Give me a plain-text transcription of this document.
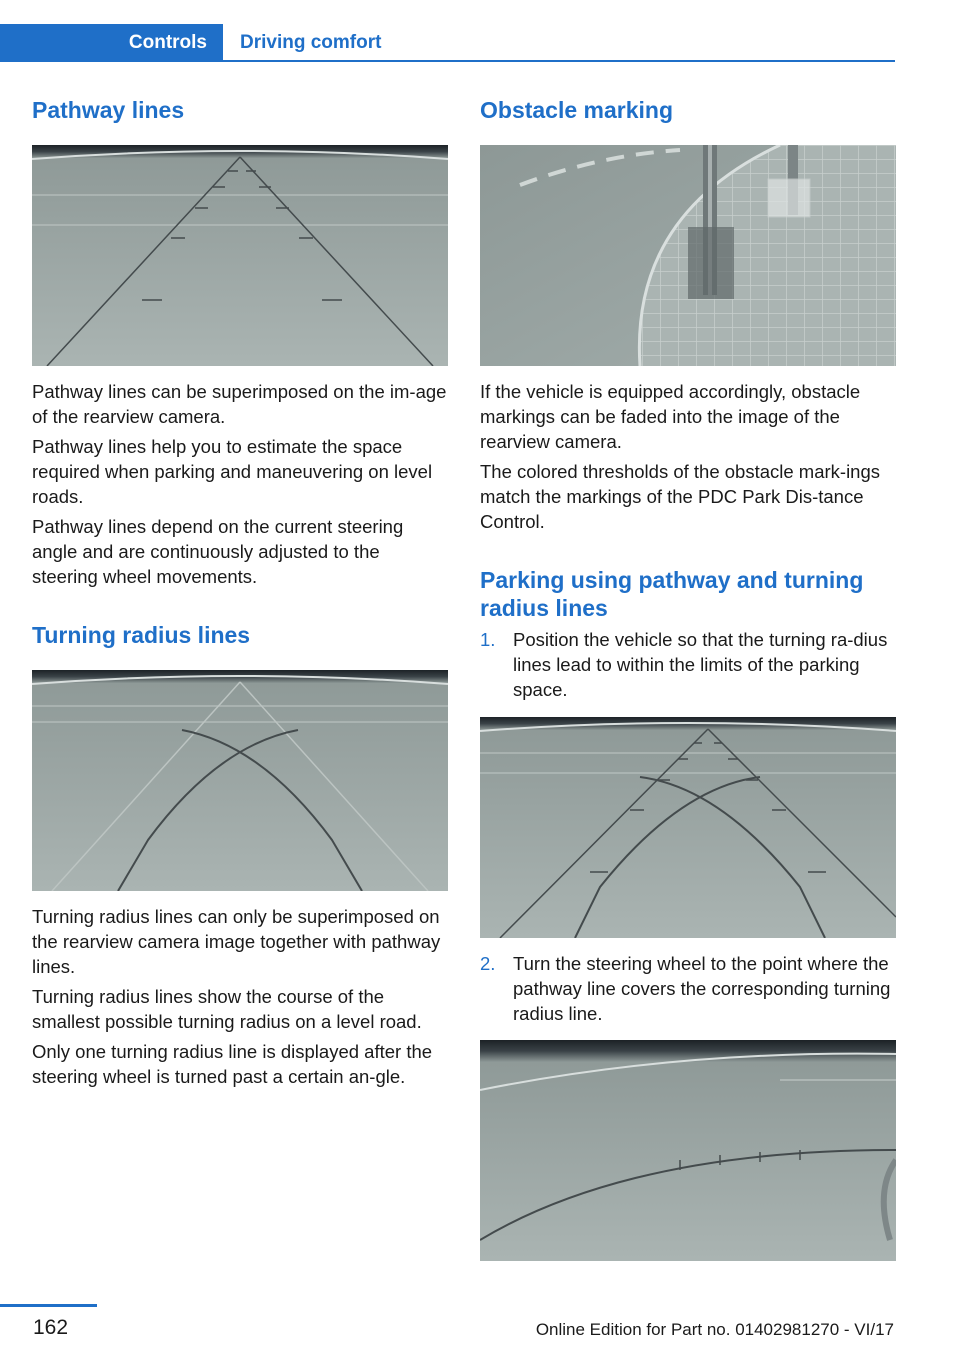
Controls Driving comfort
Pathway lines

Pathway lines can be superimposed on the im‐age of the rearview camera.

Pathway lines help you to estimate the space required when parking and maneuvering on level roads.

Pathway lines depend on the current steering angle and are continuously adjusted to the steering wheel movements.

Turning radius lines

Turning radius lines can only be superimposed on the rearview camera image together with pathway lines.

Turning radius lines show the course of the smallest possible turning radius on a level road.

Only one turning radius line is displayed after the steering wheel is turned past a certain an‐gle.

Obstacle marking

If the vehicle is equipped accordingly, obstacle markings can be faded into the image of the rearview camera.

The colored thresholds of the obstacle mark‐ings match the markings of the PDC Park Dis‐tance Control.

Parking using pathway and turning radius lines
1. Position the vehicle so that the turning ra‐dius lines lead to within the limits of the parking space.
2. Turn the steering wheel to the point where the pathway line covers the corresponding turning radius line.
162	Online Edition for Part no. 01402981270 - VI/17
